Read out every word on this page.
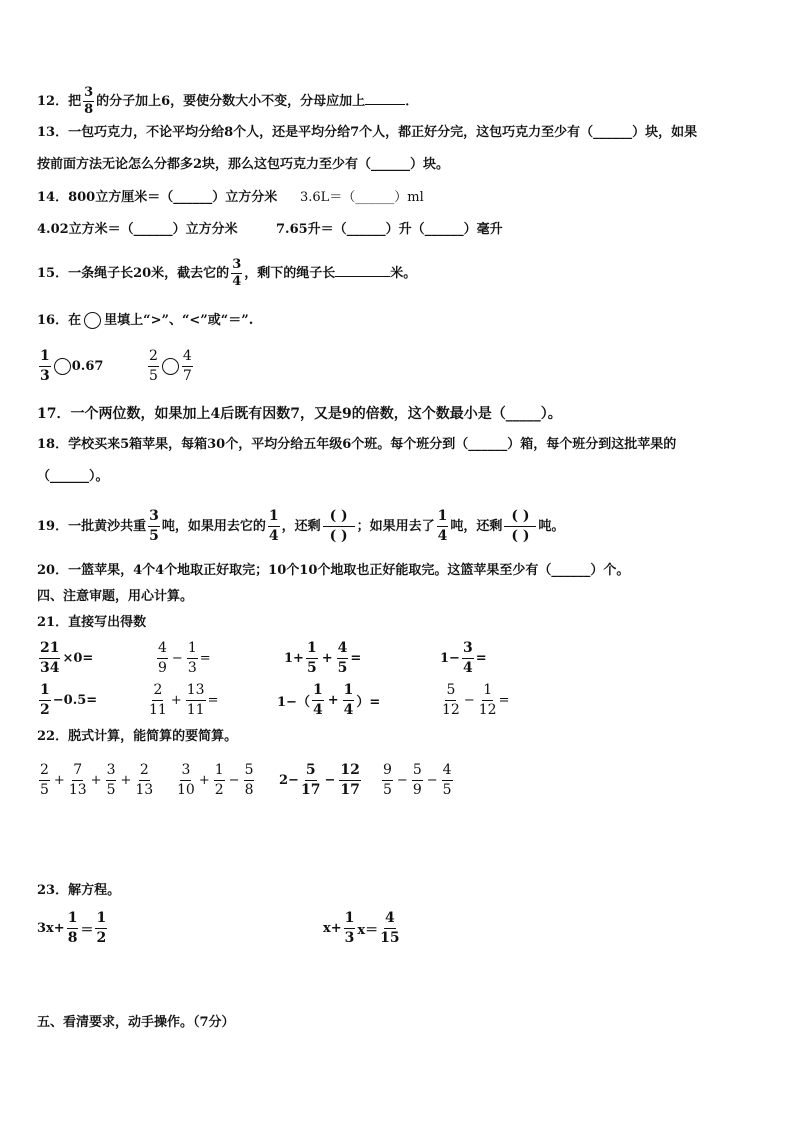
12．把 $\frac{3}{8}$ 的分子加上6，要使分数大小不变，分母应加上	．
13．一包巧克力，不论平均分给8个人，还是平均分给7个人，都正好分完，这包巧克力至少有（______）块，如果
按前面方法无论怎么分都多2块，那么这包巧克力至少有（______）块。
14．800立方厘米＝（______）立方分米 3.6L＝（______）ml
4.02立方米＝（______）立方分米	7.65升＝（______）升（______）毫升
15．一条绳子长20米，截去它的 $\frac{3}{4}$ ，剩下的绳子长	米。
16．在 里填上“>”、“<”或“＝”.
$\frac{1}{3} 0.67$	$\frac{2}{5} \frac{4}{7}$
17．一个两位数，如果加上4后既有因数7，又是9的倍数，这个数最小是（_____）。
18．学校买来5箱苹果，每箱30个，平均分给五年级6个班。每个班分到（______）箱，每个班分到这批苹果的
（______）。
19．一批黄沙共重 $\frac{3}{5}$ 吨，如果用去它的 $\frac{1}{4}$ ，还剩 $\frac{( )}{( )}$ ；如果用去了 $\frac{1}{4}$ 吨，还剩 $\frac{( )}{( )}$ 吨。
20．一篮苹果，4个4个地取正好取完；10个10个地取也正好能取完。这篮苹果至少有（______）个。
四、注意审题，用心计算。
21．直接写出得数
$\frac{21}{34} \times 0=$	$\frac{4}{9} - \frac{1}{3}$ =	$1+ \frac{1}{5} + \frac{4}{5}$ =	$1- \frac{3}{4}$ =
$\frac{1}{2} -0.5=$	$\frac{2}{11} + \frac{13}{11}$ =	$1-( \frac{1}{4} + \frac{1}{4}$ ）=	$\frac{5}{12} - \frac{1}{12}$ =
22．脱式计算，能简算的要简算。
$\frac{2}{5} + \frac{7}{13} + \frac{3}{5} + \frac{2}{13} \frac{3}{10} + \frac{1}{2} - \frac{5}{8} 2- \frac{5}{17} - \frac{12}{17} \frac{9}{5} - \frac{5}{9} - \frac{4}{5}$
23．解方程。
$3x+ \frac{1}{8} = \frac{1}{2}$	$x+ \frac{1}{3} x= \frac{4}{15}$
五、看清要求，动手操作。（7分）
